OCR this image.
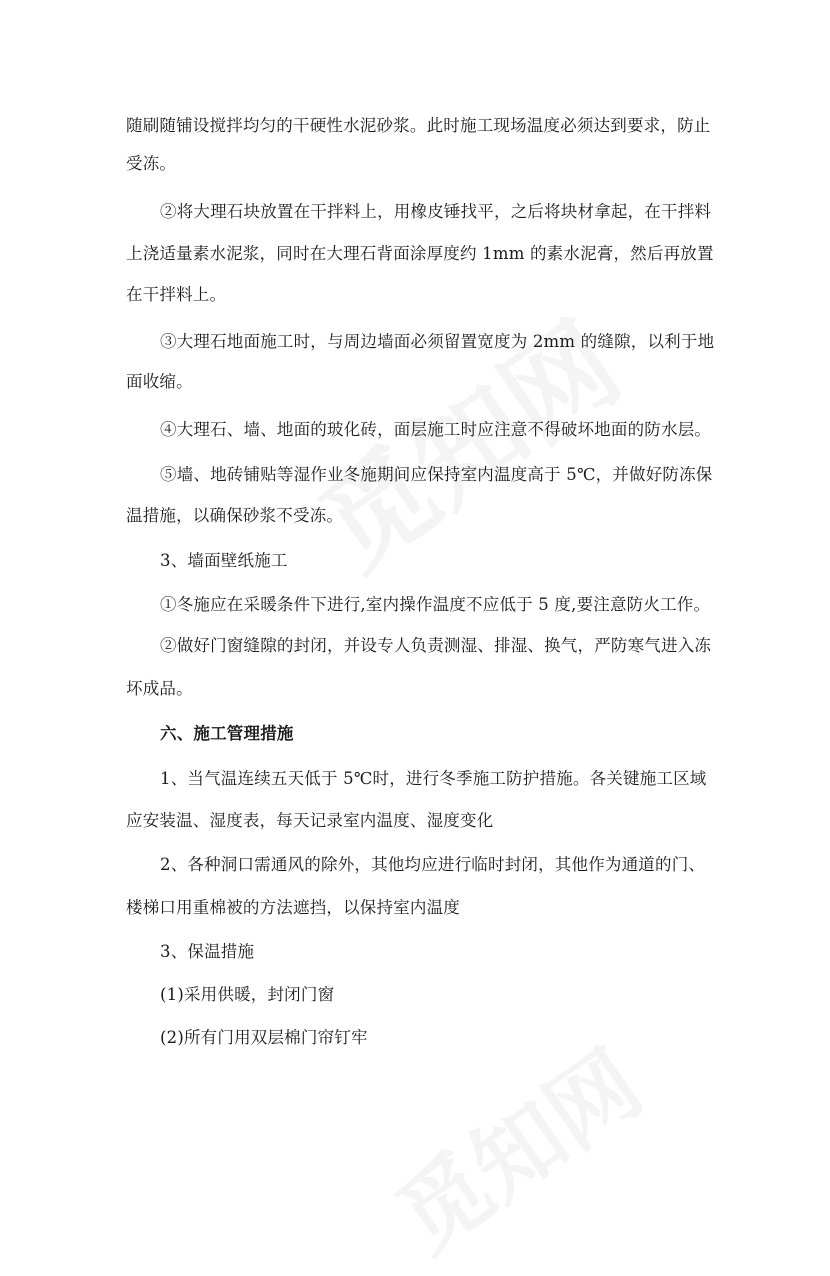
随刷随铺设搅拌均匀的干硬性水泥砂浆。此时施工现场温度必须达到要求，防止
受冻。
②将大理石块放置在干拌料上，用橡皮锤找平，之后将块材拿起，在干拌料
上浇适量素水泥浆，同时在大理石背面涂厚度约 1mm 的素水泥膏，然后再放置
在干拌料上。
③大理石地面施工时，与周边墙面必须留置宽度为 2mm 的缝隙，以利于地
面收缩。
④大理石、墙、地面的玻化砖，面层施工时应注意不得破坏地面的防水层。
⑤墙、地砖铺贴等湿作业冬施期间应保持室内温度高于 5℃，并做好防冻保
温措施，以确保砂浆不受冻。
3、墙面壁纸施工
①冬施应在采暖条件下进行,室内操作温度不应低于 5 度,要注意防火工作。
②做好门窗缝隙的封闭，并设专人负责测湿、排湿、换气，严防寒气进入冻
坏成品。
六、施工管理措施
1、当气温连续五天低于 5℃时，进行冬季施工防护措施。各关键施工区域
应安装温、湿度表，每天记录室内温度、湿度变化
2、各种洞口需通风的除外，其他均应进行临时封闭，其他作为通道的门、
楼梯口用重棉被的方法遮挡，以保持室内温度
3、保温措施
(1)采用供暖，封闭门窗
(2)所有门用双层棉门帘钉牢
